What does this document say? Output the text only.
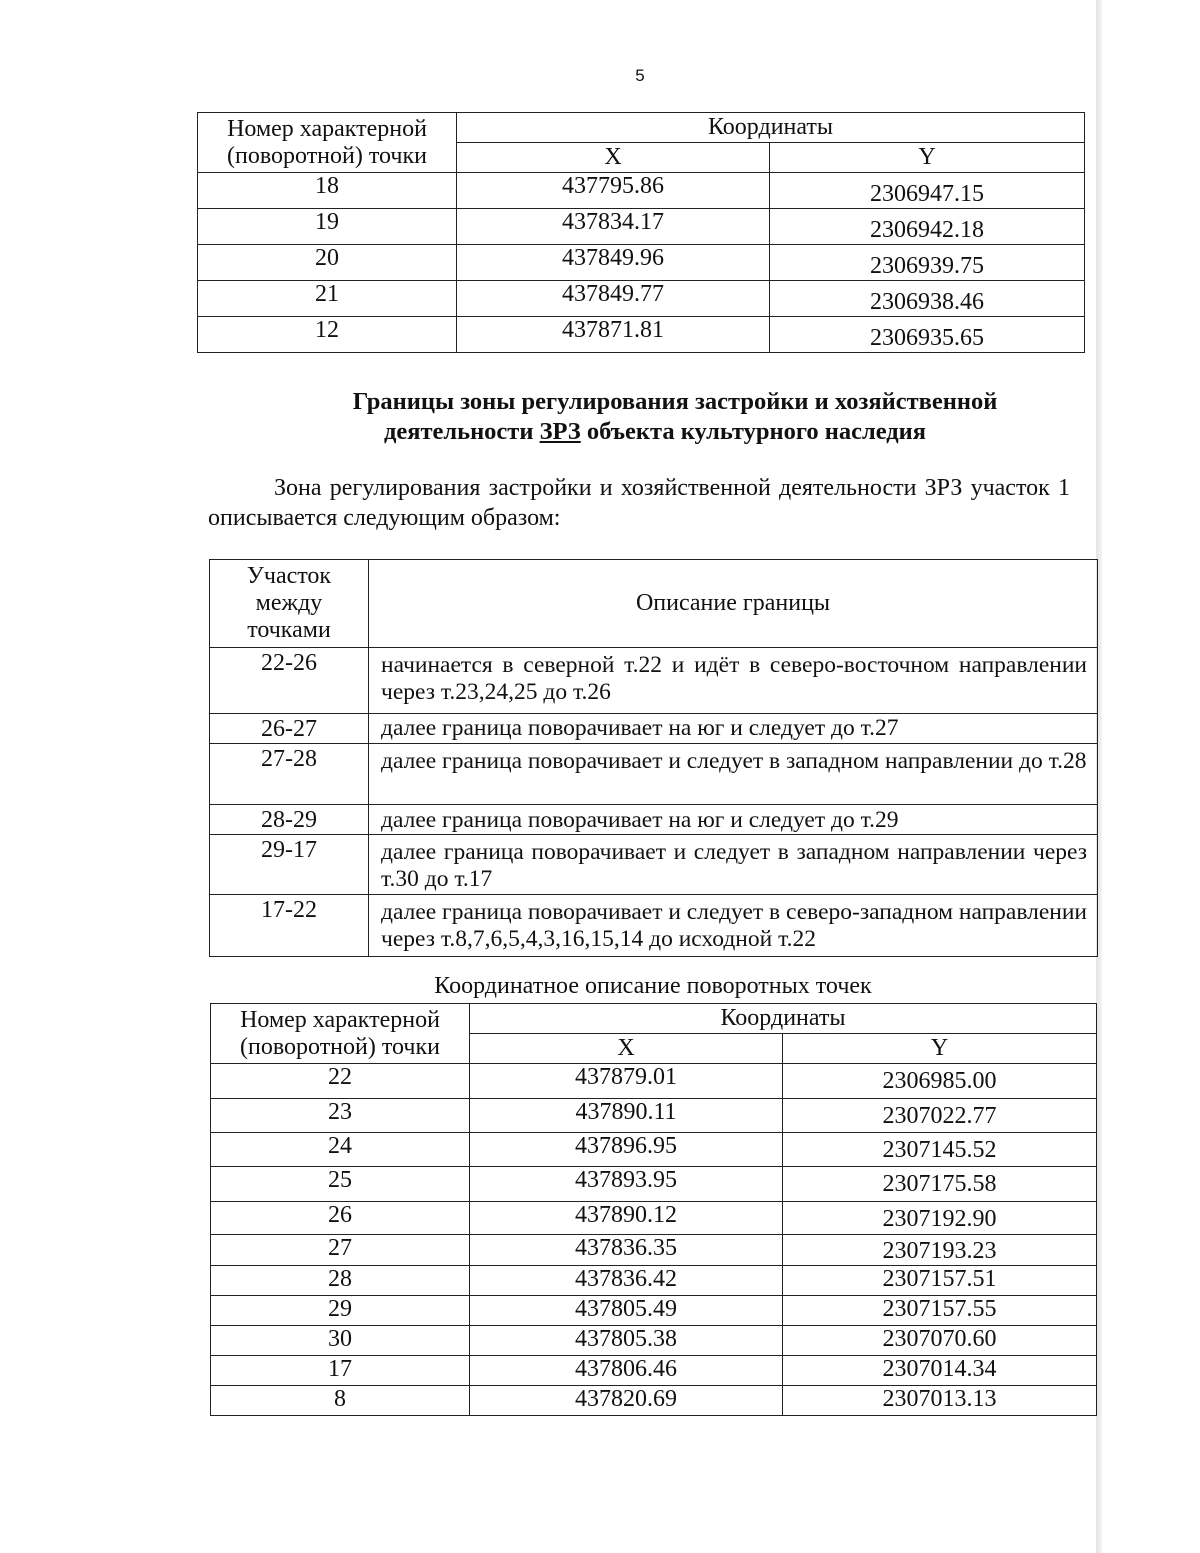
5
Номер характерной (поворотной) точки	Координаты	
	X	Y
18	437795.86	2306947.15
19	437834.17	2306942.18
20	437849.96	2306939.75
21	437849.77	2306938.46
12	437871.81	2306935.65
Границы зоны регулирования застройки и хозяйственной
деятельности ЗРЗ объекта культурного наследия
Зона регулирования застройки и хозяйственной деятельности ЗРЗ участок 1 описывается следующим образом:
Участок между точками	Описание границы
22-26	начинается в северной т.22 и идёт в северо-восточном направлении через т.23,24,25 до т.26
26-27	далее граница поворачивает на юг и следует до т.27
27-28	далее граница поворачивает и следует в западном направлении до т.28
28-29	далее граница поворачивает на юг и следует до т.29
29-17	далее граница поворачивает и следует в западном направлении через т.30 до т.17
17-22	далее граница поворачивает и следует в северо-западном направлении через т.8,7,6,5,4,3,16,15,14 до исходной т.22
Координатное описание поворотных точек
Номер характерной (поворотной) точки	Координаты	
	X	Y
22	437879.01	2306985.00
23	437890.11	2307022.77
24	437896.95	2307145.52
25	437893.95	2307175.58
26	437890.12	2307192.90
27	437836.35	2307193.23
28	437836.42	2307157.51
29	437805.49	2307157.55
30	437805.38	2307070.60
17	437806.46	2307014.34
8	437820.69	2307013.13
